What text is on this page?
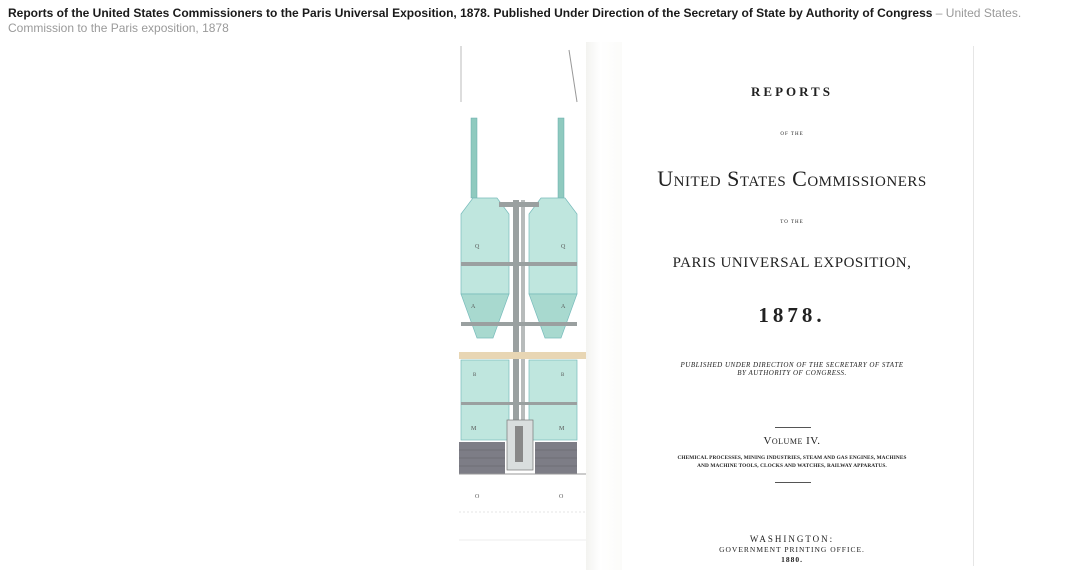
Reports of the United States Commissioners to the Paris Universal Exposition, 1878. Published Under Direction of the Secretary of State by Authority of Congress – United States. Commission to the Paris exposition, 1878
Q	Q
A	A
B	B
M	M
O	O
REPORTS
OF THE
United States Commissioners
TO THE
PARIS UNIVERSAL EXPOSITION,
1878.
PUBLISHED UNDER DIRECTION OF THE SECRETARY OF STATE
BY AUTHORITY OF CONGRESS.
Volume IV.
CHEMICAL PROCESSES, MINING INDUSTRIES, STEAM AND GAS ENGINES, MACHINES
AND MACHINE TOOLS, CLOCKS AND WATCHES, RAILWAY APPARATUS.
WASHINGTON:
GOVERNMENT PRINTING OFFICE.
1880.
